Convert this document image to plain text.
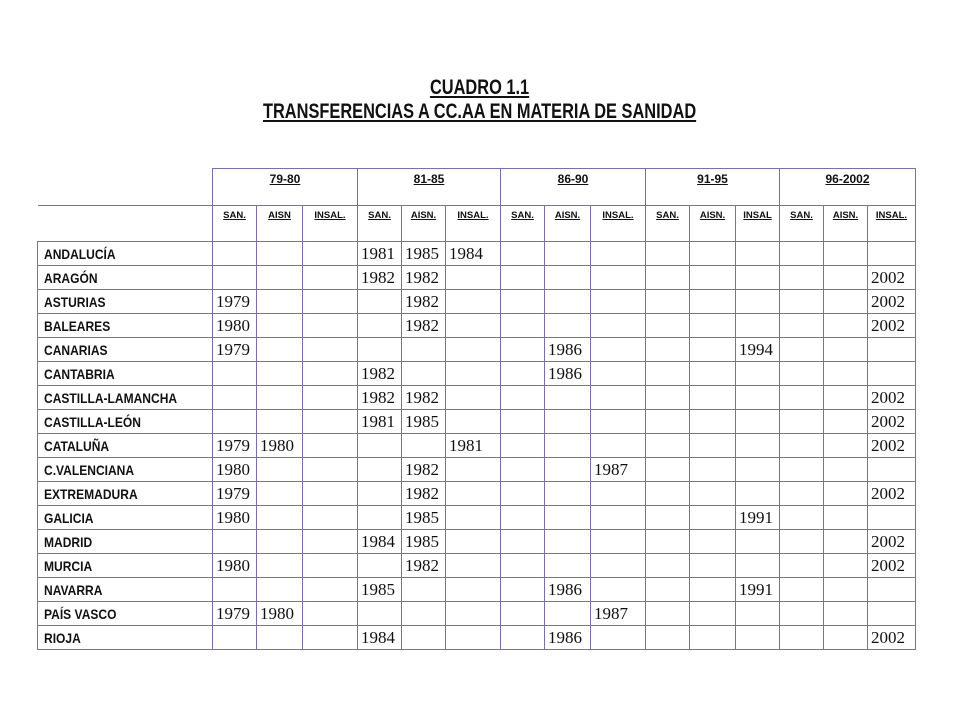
CUADRO 1.1
TRANSFERENCIAS A CC.AA EN MATERIA DE SANIDAD
	79-80			81-85			86-90			91-95			96-2002		
	SAN.	AISN	INSAL.	SAN.	AISN.	INSAL.	SAN.	AISN.	INSAL.	SAN.	AISN.	INSAL	SAN.	AISN.	INSAL.
ANDALUCÍA				1981	1985	1984									
ARAGÓN				1982	1982										2002
ASTURIAS	1979				1982										2002
BALEARES	1980				1982										2002
CANARIAS	1979							1986				1994			
CANTABRIA				1982				1986							
CASTILLA-LAMANCHA				1982	1982										2002
CASTILLA-LEÓN				1981	1985										2002
CATALUÑA	1979	1980				1981									2002
C.VALENCIANA	1980				1982				1987						
EXTREMADURA	1979				1982										2002
GALICIA	1980				1985							1991			
MADRID				1984	1985										2002
MURCIA	1980				1982										2002
NAVARRA				1985				1986				1991			
PAÍS VASCO	1979	1980							1987						
RIOJA				1984				1986							2002
